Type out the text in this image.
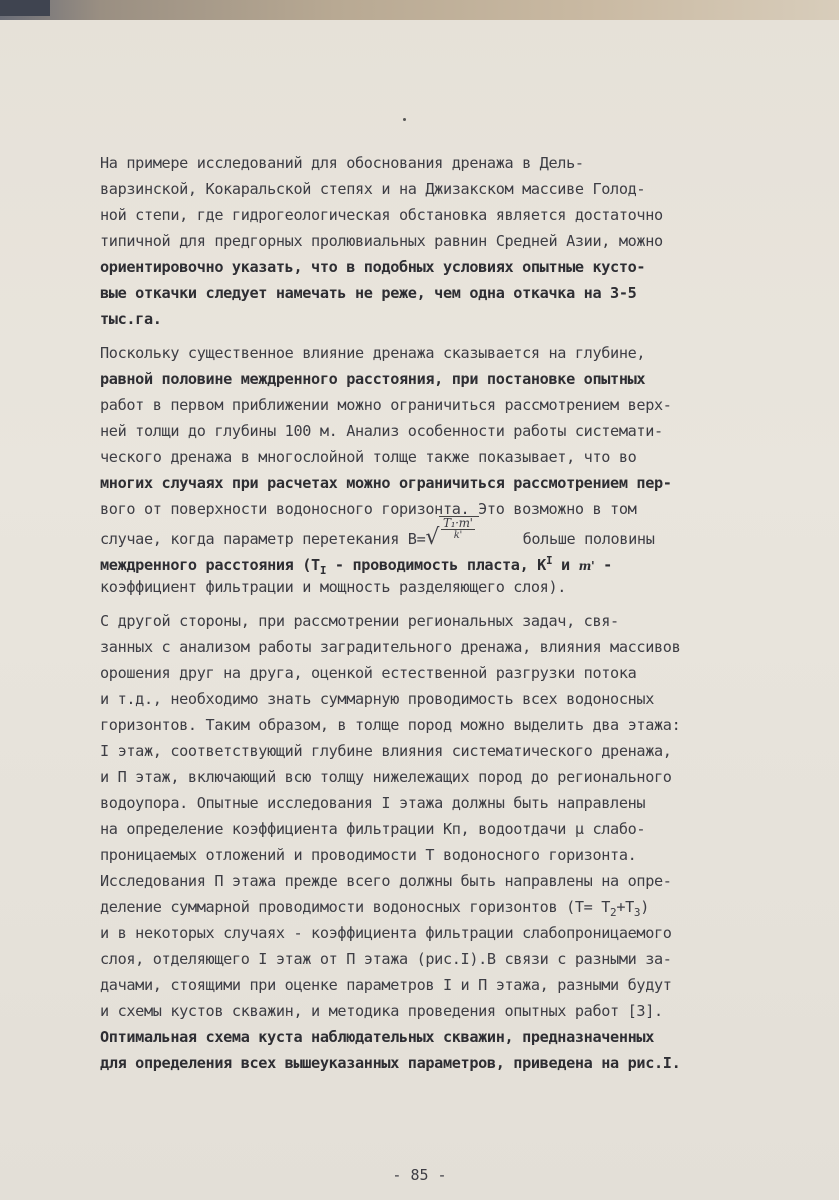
На примере исследований для обоснования дренажа в Дель-
варзинской, Кокаральской степях и на Джизакском массиве Голод-
ной степи, где гидрогеологическая обстановка является достаточно
типичной для предгорных пролювиальных равнин Средней Азии, можно
ориентировочно указать, что в подобных условиях опытные кусто-
вые откачки следует намечать не реже, чем одна откачка на 3-5
тыс.га.
Поскольку существенное влияние дренажа сказывается на глубине,
равной половине междренного расстояния, при постановке опытных
работ в первом приближении можно ограничиться рассмотрением верх-
ней толщи до глубины 100 м. Анализ особенности работы системати-
ческого дренажа в многослойной толще также показывает, что во
многих случаях при расчетах можно ограничиться рассмотрением пер-
вого от поверхности водоносного горизонта. Это возможно в том
случае, когда параметр перетекания $B=√ \frac{\text{T₁·m'}}{k'}$	больше половины
междренного расстояния ($T_I$ - проводимость пласта, $K^I$ и m' -
коэффициент фильтрации и мощность разделяющего слоя).
С другой стороны, при рассмотрении региональных задач, свя-
занных с анализом работы заградительного дренажа, влияния массивов
орошения друг на друга, оценкой естественной разгрузки потока
и т.д., необходимо знать суммарную проводимость всех водоносных
горизонтов. Таким образом, в толще пород можно выделить два этажа:
I этаж, соответствующий глубине влияния систематического дренажа,
и П этаж, включающий всю толщу нижележащих пород до регионального
водоупора. Опытные исследования I этажа должны быть направлены
на определение коэффициента фильтрации Кп, водоотдачи μ слабо-
проницаемых отложений и проводимости T водоносного горизонта.
Исследования П этажа прежде всего должны быть направлены на опре-
деление суммарной проводимости водоносных горизонтов $(T= T_2+T_3)$
и в некоторых случаях - коэффициента фильтрации слабопроницаемого
слоя, отделяющего I этаж от П этажа (рис.I).В связи с разными за-
дачами, стоящими при оценке параметров I и П этажа, разными будут
и схемы кустов скважин, и методика проведения опытных работ [3].
Оптимальная схема куста наблюдательных скважин, предназначенных
для определения всех вышеуказанных параметров, приведена на рис.I.
- 85 -
